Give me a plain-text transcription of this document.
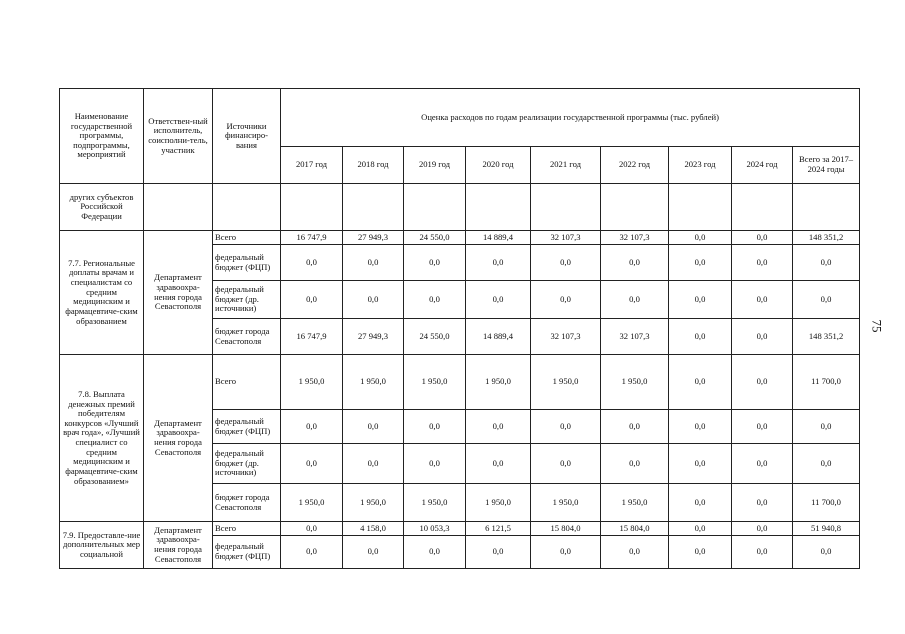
75
Наименование государственной программы, подпрограммы, мероприятий	Ответствен-ный исполнитель, соисполни-тель, участник	Источники финансиро-вания	Оценка расходов по годам реализации государственной программы (тыс. рублей)								
			2017 год	2018 год	2019 год	2020 год	2021 год	2022 год	2023 год	2024 год	Всего за 2017–2024 годы
других субъектов Российской Федерации											
7.7. Региональные доплаты врачам и специалистам со средним медицинским и фармацевтиче-ским образованием	Департамент здравоохра-нения города Севастополя	Всего	16 747,9	27 949,3	24 550,0	14 889,4	32 107,3	32 107,3	0,0	0,0	148 351,2
		федеральный бюджет (ФЦП)	0,0	0,0	0,0	0,0	0,0	0,0	0,0	0,0	0,0
		федеральный бюджет (др. источники)	0,0	0,0	0,0	0,0	0,0	0,0	0,0	0,0	0,0
		бюджет города Севастополя	16 747,9	27 949,3	24 550,0	14 889,4	32 107,3	32 107,3	0,0	0,0	148 351,2
7.8. Выплата денежных премий победителям конкурсов «Лучший врач года», «Лучший специалист со средним медицинским и фармацевтиче-ским образованием»	Департамент здравоохра-нения города Севастополя	Всего	1 950,0	1 950,0	1 950,0	1 950,0	1 950,0	1 950,0	0,0	0,0	11 700,0
		федеральный бюджет (ФЦП)	0,0	0,0	0,0	0,0	0,0	0,0	0,0	0,0	0,0
		федеральный бюджет (др. источники)	0,0	0,0	0,0	0,0	0,0	0,0	0,0	0,0	0,0
		бюджет города Севастополя	1 950,0	1 950,0	1 950,0	1 950,0	1 950,0	1 950,0	0,0	0,0	11 700,0
7.9. Предоставле-ние дополнительных мер социальной	Департамент здравоохра-нения города Севастополя	Всего	0,0	4 158,0	10 053,3	6 121,5	15 804,0	15 804,0	0,0	0,0	51 940,8
		федеральный бюджет (ФЦП)	0,0	0,0	0,0	0,0	0,0	0,0	0,0	0,0	0,0
